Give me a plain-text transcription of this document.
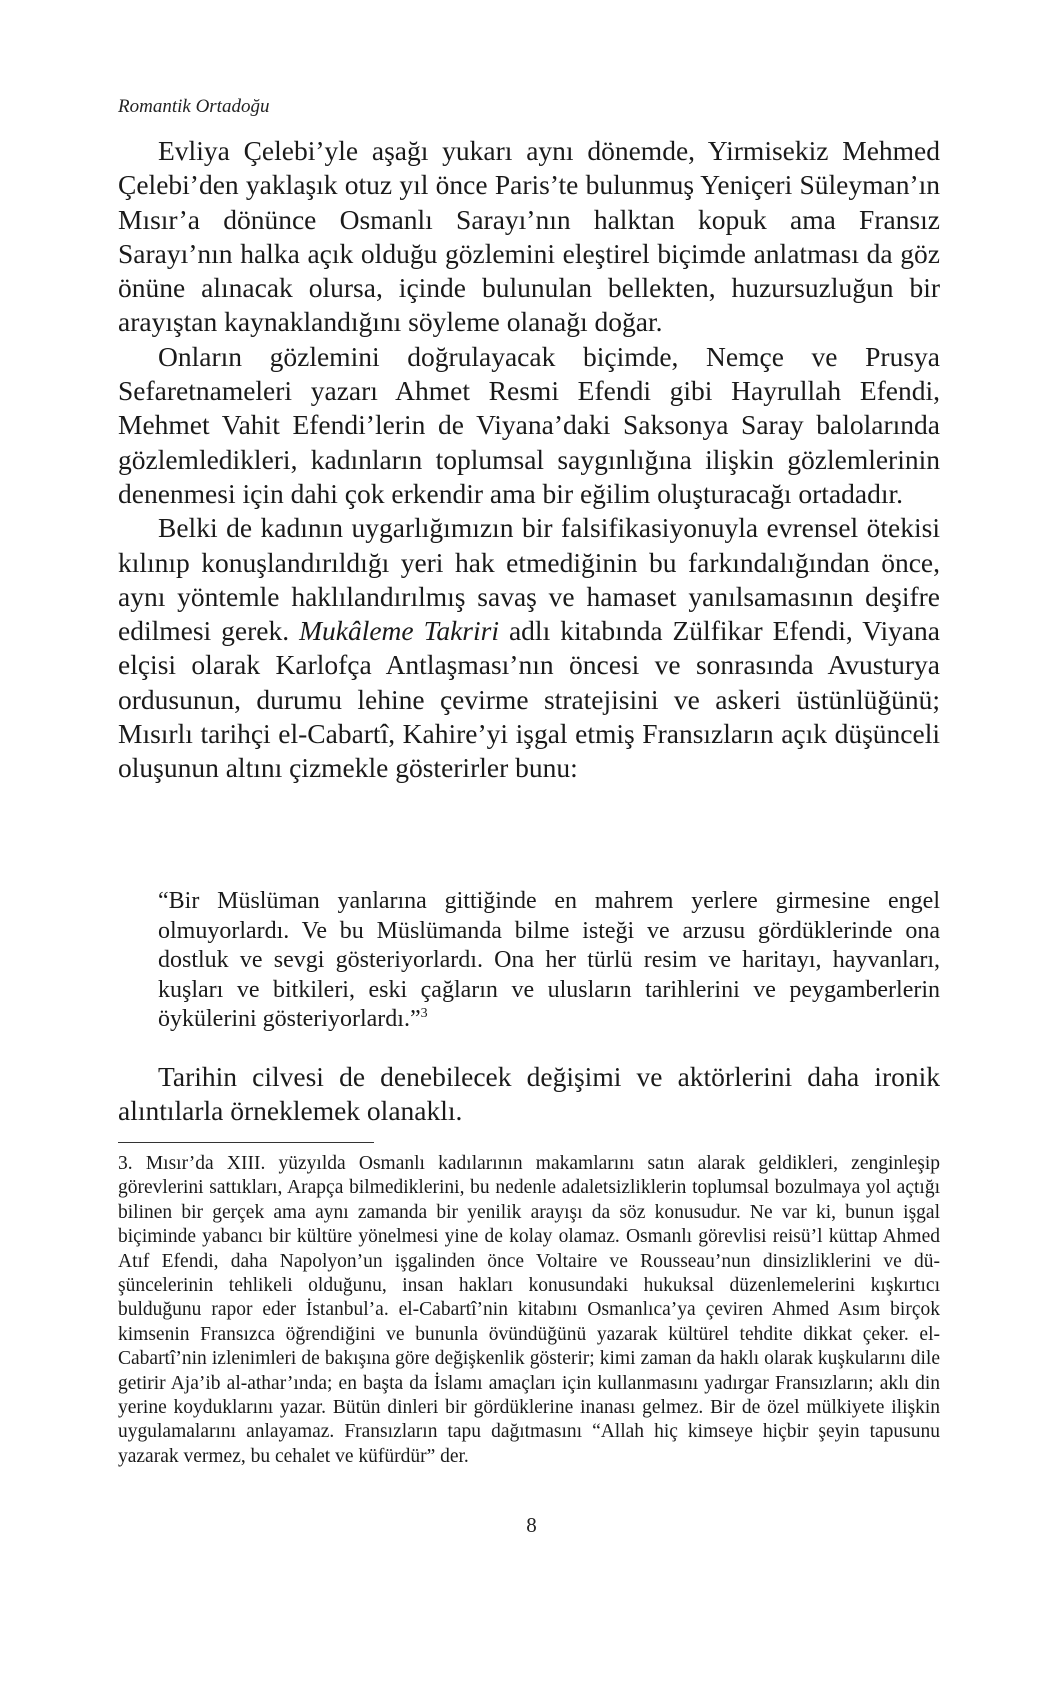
Romantik Ortadoğu

Evliya Çelebi’yle aşağı yukarı aynı dönemde, Yirmisekiz Mehmed Çelebi’den yaklaşık otuz yıl önce Paris’te bulunmuş Yeniçeri Süleyman’ın Mısır’a dönünce Osmanlı Sarayı’nın halktan kopuk ama Fransız Sarayı’nın halka açık olduğu gözlemini eleştirel biçimde anlatması da göz önüne alınacak olursa, içinde bulunulan bellekten, huzursuzluğun bir arayıştan kaynaklandığını söyleme olanağı doğar.

Onların gözlemini doğrulayacak biçimde, Nemçe ve Prusya Sefaretnameleri yazarı Ahmet Resmi Efendi gibi Hayrullah Efendi, Mehmet Vahit Efendi’lerin de Viyana’daki Saksonya Saray balolarında gözlemledikleri, kadınların toplumsal saygınlığına ilişkin gözlemlerinin denenmesi için dahi çok erkendir ama bir eğilim oluşturacağı ortadadır.

Belki de kadının uygarlığımızın bir falsifikasiyonuyla evrensel ötekisi kılınıp konuşlandırıldığı yeri hak etmediğinin bu farkındalığından önce, aynı yöntemle haklılandırılmış savaş ve hamaset yanılsamasının deşifre edilmesi gerek. Mukâleme Takriri adlı kitabında Zülfikar Efendi, Viyana elçisi olarak Karlofça Antlaşması’nın öncesi ve sonrasında Avusturya ordusunun, durumu lehine çevirme stratejisini ve askeri üstünlüğünü; Mısırlı tarihçi el-Cabartî, Kahire’yi işgal etmiş Fransızların açık düşünceli oluşunun altını çizmekle gösterirler bunu:

“Bir Müslüman yanlarına gittiğinde en mahrem yerlere girmesine engel olmuyorlardı. Ve bu Müslümanda bilme isteği ve arzusu gördüklerinde ona dostluk ve sevgi gösteriyorlardı. Ona her türlü resim ve haritayı, hayvanları, kuşları ve bitkileri, eski çağların ve ulusların tarihlerini ve peygamberlerin öykülerini gösteriyorlardı.”$^3$

Tarihin cilvesi de denebilecek değişimi ve aktörlerini daha ironik alıntılarla örneklemek olanaklı.

3. Mısır’da XIII. yüzyılda Osmanlı kadılarının makamlarını satın alarak geldikleri, zenginleşip görevlerini sattıkları, Arapça bilmediklerini, bu nedenle adaletsizliklerin toplumsal bozulmaya yol açtığı bilinen bir gerçek ama aynı zamanda bir yenilik arayışı da söz konusudur. Ne var ki, bunun işgal biçiminde yabancı bir kültüre yönelmesi yine de kolay olamaz. Osmanlı görevlisi reisü’l küttap Ahmed Atıf Efendi, daha Napolyon’un işgalinden önce Voltaire ve Rousseau’nun dinsizliklerini ve düşüncelerinin tehlikeli olduğunu, insan hakları konusundaki hukuksal düzenlemelerini kışkırtıcı bulduğunu rapor eder İstanbul’a. el-Cabartî’nin kitabını Osmanlıca’ya çeviren Ahmed Asım birçok kimsenin Fransızca öğrendiğini ve bununla övündüğünü yazarak kültürel tehdite dikkat çeker. el-Cabartî’nin izlenimleri de bakışına göre değişkenlik gösterir; kimi zaman da haklı olarak kuşkularını dile getirir Aja’ib al-athar’ında; en başta da İslamı amaçları için kullanmasını yadırgar Fransızların; aklı din yerine koyduklarını yazar. Bütün dinleri bir gördüklerine inanası gelmez. Bir de özel mülkiyete ilişkin uygulamalarını anlayamaz. Fransızların tapu dağıtmasını “Allah hiç kimseye hiçbir şeyin tapusunu yazarak vermez, bu cehalet ve küfürdür” der.

8
